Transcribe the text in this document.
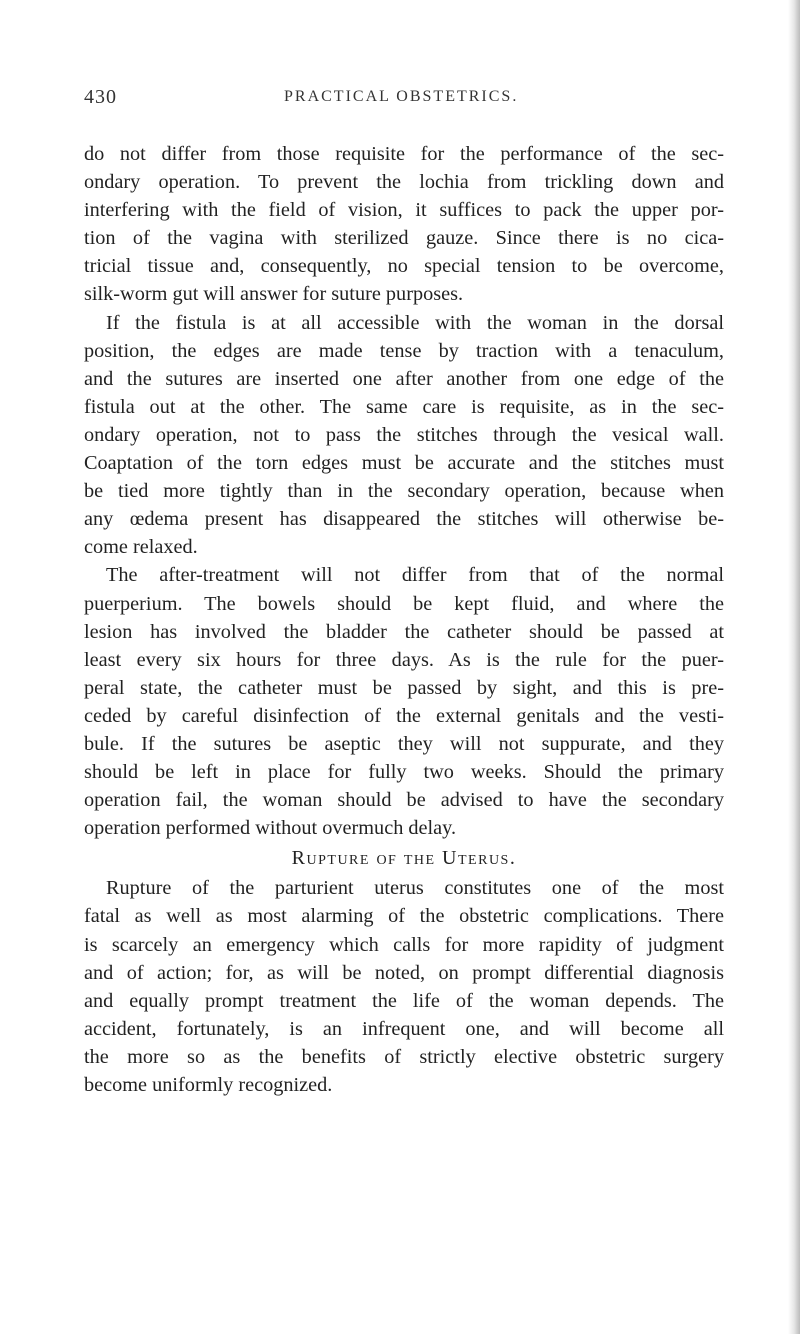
430	PRACTICAL OBSTETRICS.
do not differ from those requisite for the performance of the sec-
ondary operation. To prevent the lochia from trickling down and
interfering with the field of vision, it suffices to pack the upper por-
tion of the vagina with sterilized gauze. Since there is no cica-
tricial tissue and, consequently, no special tension to be overcome,
silk-worm gut will answer for suture purposes.
If the fistula is at all accessible with the woman in the dorsal
position, the edges are made tense by traction with a tenaculum,
and the sutures are inserted one after another from one edge of the
fistula out at the other. The same care is requisite, as in the sec-
ondary operation, not to pass the stitches through the vesical wall.
Coaptation of the torn edges must be accurate and the stitches must
be tied more tightly than in the secondary operation, because when
any œdema present has disappeared the stitches will otherwise be-
come relaxed.
The after-treatment will not differ from that of the normal
puerperium. The bowels should be kept fluid, and where the
lesion has involved the bladder the catheter should be passed at
least every six hours for three days. As is the rule for the puer-
peral state, the catheter must be passed by sight, and this is pre-
ceded by careful disinfection of the external genitals and the vesti-
bule. If the sutures be aseptic they will not suppurate, and they
should be left in place for fully two weeks. Should the primary
operation fail, the woman should be advised to have the secondary
operation performed without overmuch delay.
Rupture of the Uterus.
Rupture of the parturient uterus constitutes one of the most
fatal as well as most alarming of the obstetric complications. There
is scarcely an emergency which calls for more rapidity of judgment
and of action; for, as will be noted, on prompt differential diagnosis
and equally prompt treatment the life of the woman depends. The
accident, fortunately, is an infrequent one, and will become all
the more so as the benefits of strictly elective obstetric surgery
become uniformly recognized.
